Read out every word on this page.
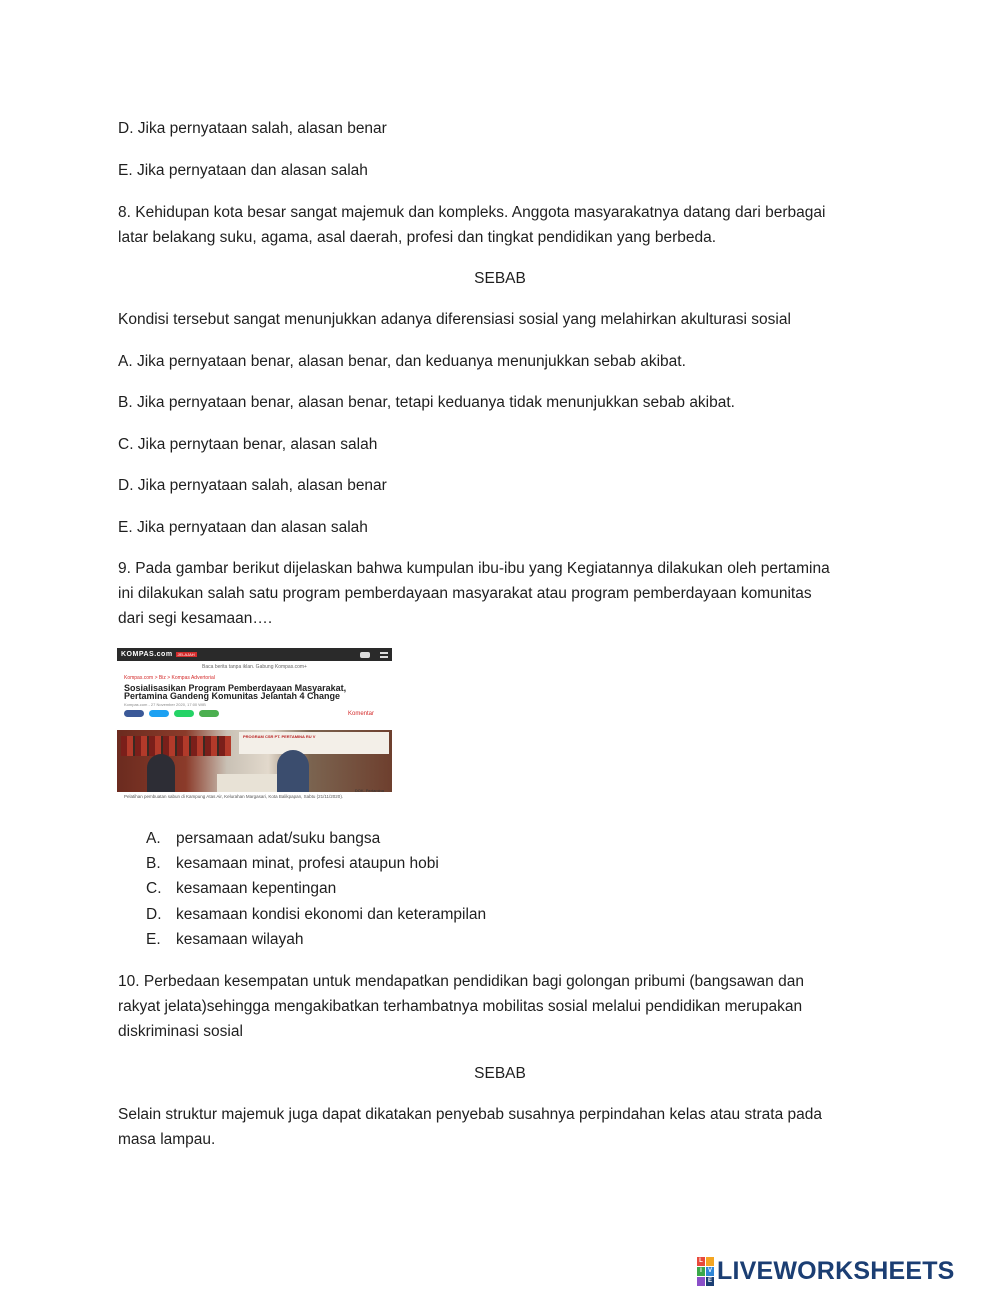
D. Jika pernyataan salah, alasan benar
E. Jika pernyataan dan alasan salah
8. Kehidupan kota besar sangat majemuk dan kompleks. Anggota masyarakatnya datang dari berbagai
latar belakang suku, agama, asal daerah, profesi dan tingkat pendidikan yang berbeda.
SEBAB
Kondisi tersebut sangat menunjukkan adanya diferensiasi sosial yang melahirkan akulturasi sosial
A. Jika pernyataan benar, alasan benar, dan keduanya menunjukkan sebab akibat.
B. Jika pernyataan benar, alasan benar, tetapi keduanya tidak menunjukkan sebab akibat.
C. Jika pernytaan benar, alasan salah
D. Jika pernyataan salah, alasan benar
E. Jika pernyataan dan alasan salah
9. Pada gambar berikut dijelaskan bahwa kumpulan ibu-ibu yang Kegiatannya dilakukan oleh pertamina
ini dilakukan salah satu program pemberdayaan masyarakat atau program pemberdayaan komunitas
dari segi kesamaan….
KOMPAS.com	JELAJAH
Baca berita tanpa iklan. Gabung Kompas.com+
Kompas.com > Biz > Kompas Advertorial
Sosialisasikan Program Pemberdayaan Masyarakat, Pertamina Gandeng Komunitas Jelantah 4 Change
Kompas.com - 27 November 2020, 17:00 WIB
Komentar
PROGRAM CSR PT. PERTAMINA RU V
DOK. Pertamina
Pelatihan pembuatan sabun di Kampung Atas Air, Kelurahan Margasari, Kota Balikpapan, Sabtu (21/11/2020).
A. persamaan adat/suku bangsa
B. kesamaan minat, profesi ataupun hobi
C. kesamaan kepentingan
D. kesamaan kondisi ekonomi dan keterampilan
E. kesamaan wilayah
10. Perbedaan kesempatan untuk mendapatkan pendidikan bagi golongan pribumi (bangsawan dan
rakyat jelata)sehingga mengakibatkan terhambatnya mobilitas sosial melalui pendidikan merupakan
diskriminasi sosial
SEBAB
Selain struktur majemuk juga dapat dikatakan penyebab susahnya perpindahan kelas atau strata pada
masa lampau.
L
I	V
E LIVEWORKSHEETS
